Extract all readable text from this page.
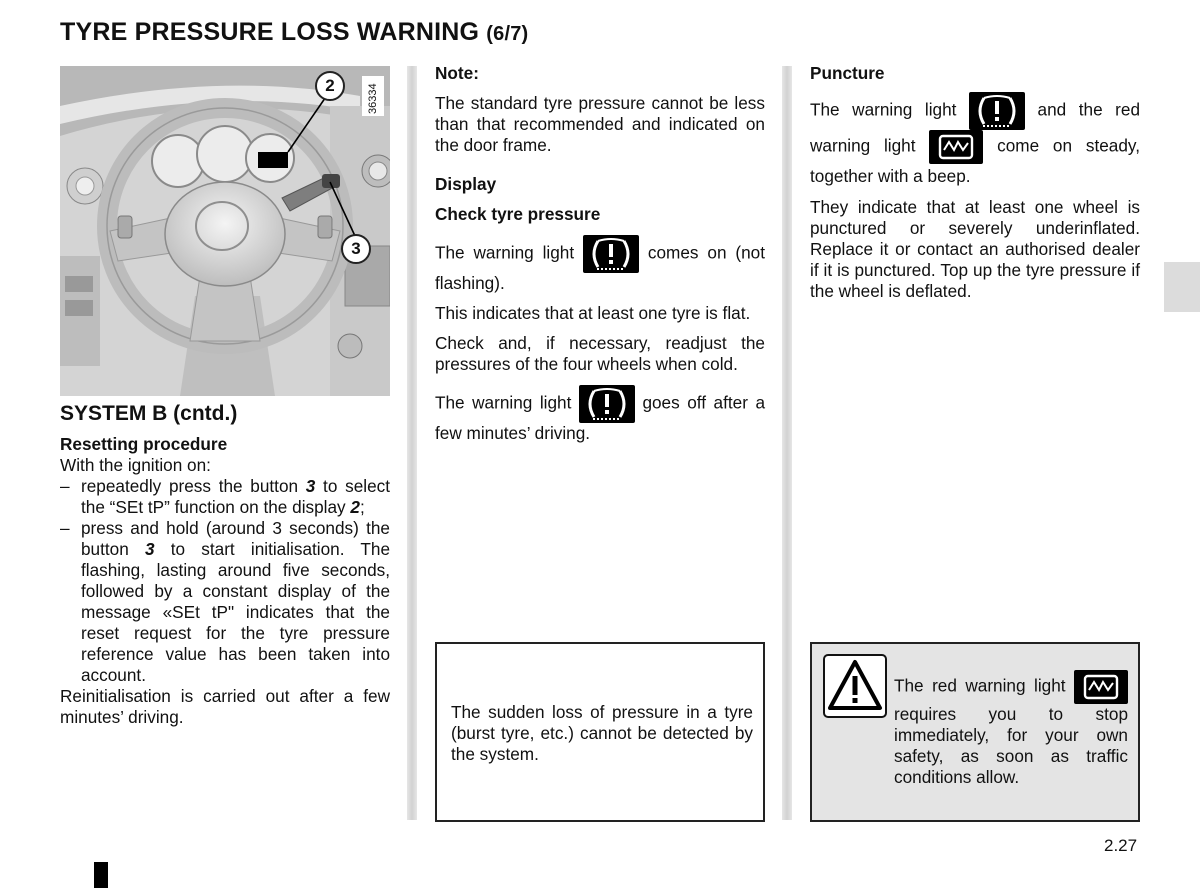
TYRE PRESSURE LOSS WARNING (6/7)
2
3
36334
SYSTEM B (cntd.)
Resetting procedure
With the ignition on:
– repeatedly press the button 3 to select the “SEt tP” function on the display 2;
– press and hold (around 3 seconds) the button 3 to start initialisation. The flashing, lasting around five seconds, followed by a constant display of the message «SEt tP" indicates that the reset request for the tyre pressure reference value has been taken into account.
Reinitialisation is carried out after a few minutes’ driving.
Note:
The standard tyre pressure cannot be less than that recommended and indicated on the door frame.
Display
Check tyre pressure
The warning light	comes on (not flashing).
This indicates that at least one tyre is flat.
Check and, if necessary, readjust the pressures of the four wheels when cold.
The warning light	goes off after a few minutes’ driving.
The sudden loss of pressure in a tyre (burst tyre, etc.) cannot be detected by the system.
Puncture
The warning light	and the red warning light	come on steady, together with a beep.
They indicate that at least one wheel is punctured or severely underinflated. Replace it or contact an authorised dealer if it is punctured. Top up the tyre pressure if the wheel is deflated.
The red warning light
requires you to stop immediately, for your own safety, as soon as traffic conditions allow.
2.27
